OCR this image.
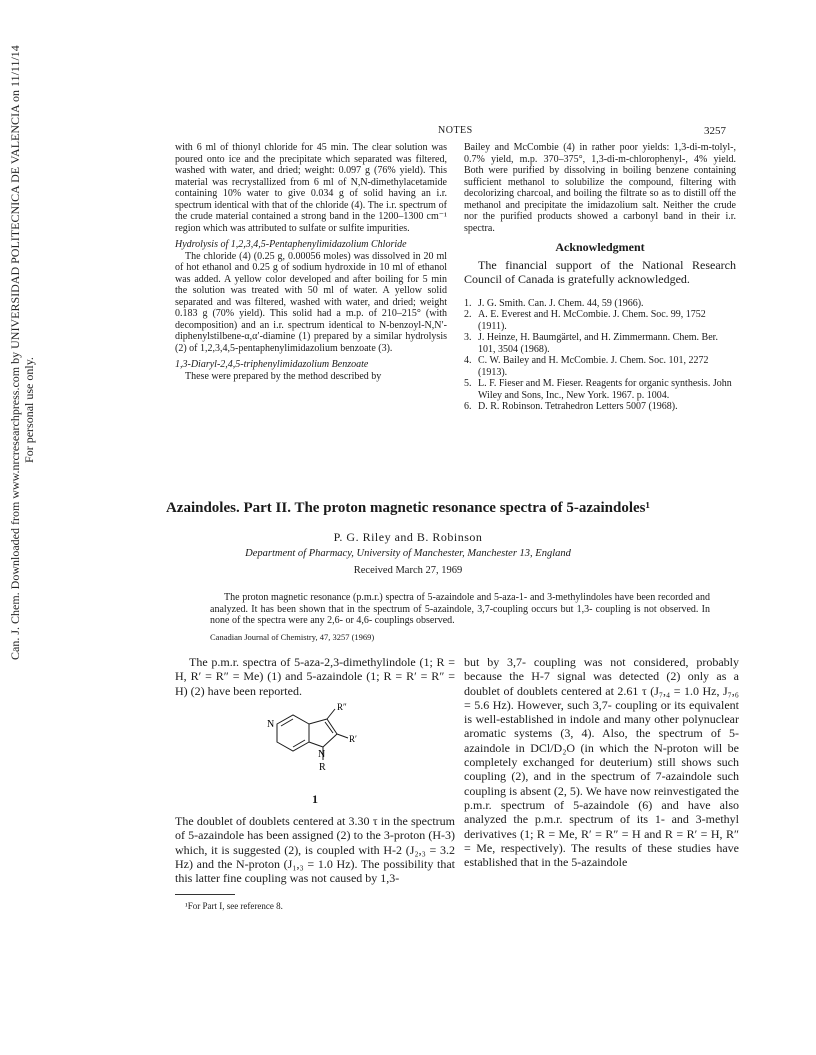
Can. J. Chem. Downloaded from www.nrcresearchpress.com by UNIVERSIDAD POLITECNICA DE VALENCIA on 11/11/14 For personal use only.
NOTES	3257

with 6 ml of thionyl chloride for 45 min. The clear solution was poured onto ice and the precipitate which separated was filtered, washed with water, and dried; weight: 0.097 g (76% yield). This material was recrystallized from 6 ml of N,N-dimethylacetamide containing 10% water to give 0.034 g of solid having an i.r. spectrum identical with that of the chloride (4). The i.r. spectrum of the crude material contained a strong band in the 1200–1300 cm⁻¹ region which was attributed to sulfate or sulfite impurities.

Hydrolysis of 1,2,3,4,5-Pentaphenylimidazolium Chloride

The chloride (4) (0.25 g, 0.00056 moles) was dissolved in 20 ml of hot ethanol and 0.25 g of sodium hydroxide in 10 ml of ethanol was added. A yellow color developed and after boiling for 5 min the solution was treated with 50 ml of water. A yellow solid separated and was filtered, washed with water, and dried; weight 0.183 g (70% yield). This solid had a m.p. of 210–215° (with decomposition) and an i.r. spectrum identical to N-benzoyl-N,N′-diphenylstilbene-α,α′-diamine (1) prepared by a similar hydrolysis (2) of 1,2,3,4,5-pentaphenylimidazolium benzoate (3).

1,3-Diaryl-2,4,5-triphenylimidazolium Benzoate

These were prepared by the method described by

Bailey and McCombie (4) in rather poor yields: 1,3-di-m-tolyl-, 0.7% yield, m.p. 370–375°, 1,3-di-m-chlorophenyl-, 4% yield. Both were purified by dissolving in boiling benzene containing sufficient methanol to solubilize the compound, filtering with decolorizing charcoal, and boiling the filtrate so as to distill off the methanol and precipitate the imidazolium salt. Neither the crude nor the purified products showed a carbonyl band in their i.r. spectra.

Acknowledgment

The financial support of the National Research Council of Canada is gratefully acknowledged.

1. J. G. Smith. Can. J. Chem. 44, 59 (1966).
2. A. E. Everest and H. McCombie. J. Chem. Soc. 99, 1752 (1911).
3. J. Heinze, H. Baumgärtel, and H. Zimmermann. Chem. Ber. 101, 3504 (1968).
4. C. W. Bailey and H. McCombie. J. Chem. Soc. 101, 2272 (1913).
5. L. F. Fieser and M. Fieser. Reagents for organic synthesis. John Wiley and Sons, Inc., New York. 1967. p. 1004.
6. D. R. Robinson. Tetrahedron Letters 5007 (1968).
Azaindoles. Part II. The proton magnetic resonance spectra of 5-azaindoles¹
P. G. Riley and B. Robinson
Department of Pharmacy, University of Manchester, Manchester 13, England
Received March 27, 1969
The proton magnetic resonance (p.m.r.) spectra of 5-azaindole and 5-aza-1- and 3-methylindoles have been recorded and analyzed. It has been shown that in the spectrum of 5-azaindole, 3,7-coupling occurs but 1,3- coupling is not observed. In none of the spectra were any 2,6- or 4,6- couplings observed.
Canadian Journal of Chemistry, 47, 3257 (1969)

The p.m.r. spectra of 5-aza-2,3-dimethylindole (1; R = H, R′ = R″ = Me) (1) and 5-azaindole (1; R = R′ = R″ = H) (2) have been reported.

N
R″
R′
N
R

1

The doublet of doublets centered at 3.30 τ in the spectrum of 5-azaindole has been assigned (2) to the 3-proton (H-3) which, it is suggested (2), is coupled with H-2 (J₂,₃ = 3.2 Hz) and the N-proton (J₁,₃ = 1.0 Hz). The possibility that this latter fine coupling was not caused by 1,3-

¹For Part I, see reference 8.

but by 3,7- coupling was not considered, probably because the H-7 signal was detected (2) only as a doublet of doublets centered at 2.61 τ (J₇,₄ = 1.0 Hz, J₇,₆ = 5.6 Hz). However, such 3,7- coupling or its equivalent is well-established in indole and many other polynuclear aromatic systems (3, 4). Also, the spectrum of 5-azaindole in DCl/D₂O (in which the N-proton will be completely exchanged for deuterium) still shows such coupling (2), and in the spectrum of 7-azaindole such coupling is absent (2, 5). We have now reinvestigated the p.m.r. spectrum of 5-azaindole (6) and have also analyzed the p.m.r. spectrum of its 1- and 3-methyl derivatives (1; R = Me, R′ = R″ = H and R = R′ = H, R″ = Me, respectively). The results of these studies have established that in the 5-azaindole
